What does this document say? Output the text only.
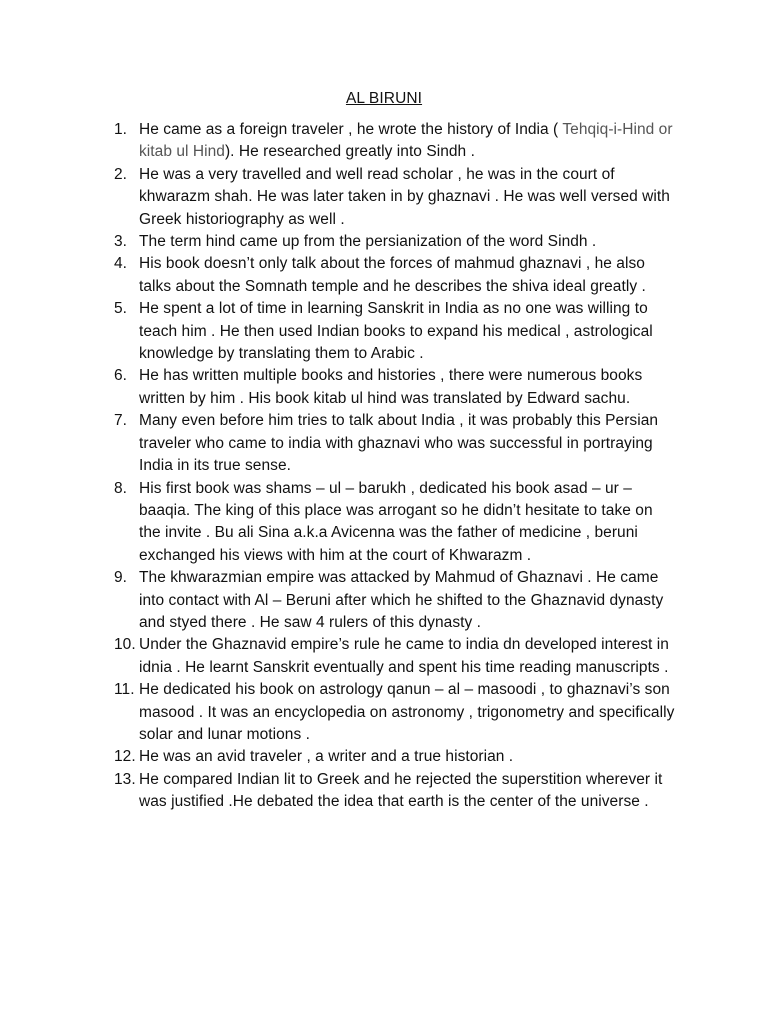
AL BIRUNI
1. He came as a foreign traveler , he wrote the history of India ( Tehqiq-i-Hind or kitab ul Hind). He researched greatly into Sindh .
2. He was a very travelled and well read scholar , he was in the court of khwarazm shah. He was later taken in by ghaznavi . He was well versed with Greek historiography as well .
3. The term hind came up from the persianization of the word Sindh .
4. His book doesn’t only talk about the forces of mahmud ghaznavi , he also talks about the Somnath temple and he describes the shiva ideal greatly .
5. He spent a lot of time in learning Sanskrit in India as no one was willing to teach him . He then used Indian books to expand his medical , astrological knowledge by translating them to Arabic .
6. He has written multiple books and histories , there were numerous books written by him . His book kitab ul hind was translated by Edward sachu.
7. Many even before him tries to talk about India , it was probably this Persian traveler who came to india with ghaznavi who was successful in portraying India in its true sense.
8. His first book was shams – ul – barukh , dedicated his book asad – ur – baaqia. The king of this place was arrogant so he didn’t hesitate to take on the invite . Bu ali Sina a.k.a Avicenna was the father of medicine , beruni exchanged his views with him at the court of Khwarazm .
9. The khwarazmian empire was attacked by Mahmud of Ghaznavi . He came into contact with Al – Beruni after which he shifted to the Ghaznavid dynasty and styed there . He saw 4 rulers of this dynasty .
10. Under the Ghaznavid empire’s rule he came to india dn developed interest in idnia . He learnt Sanskrit eventually and spent his time reading manuscripts .
11. He dedicated his book on astrology qanun – al – masoodi , to ghaznavi’s son masood . It was an encyclopedia on astronomy , trigonometry and specifically solar and lunar motions .
12. He was an avid traveler , a writer and a true historian .
13. He compared Indian lit to Greek and he rejected the superstition wherever it was justified .He debated the idea that earth is the center of the universe .
